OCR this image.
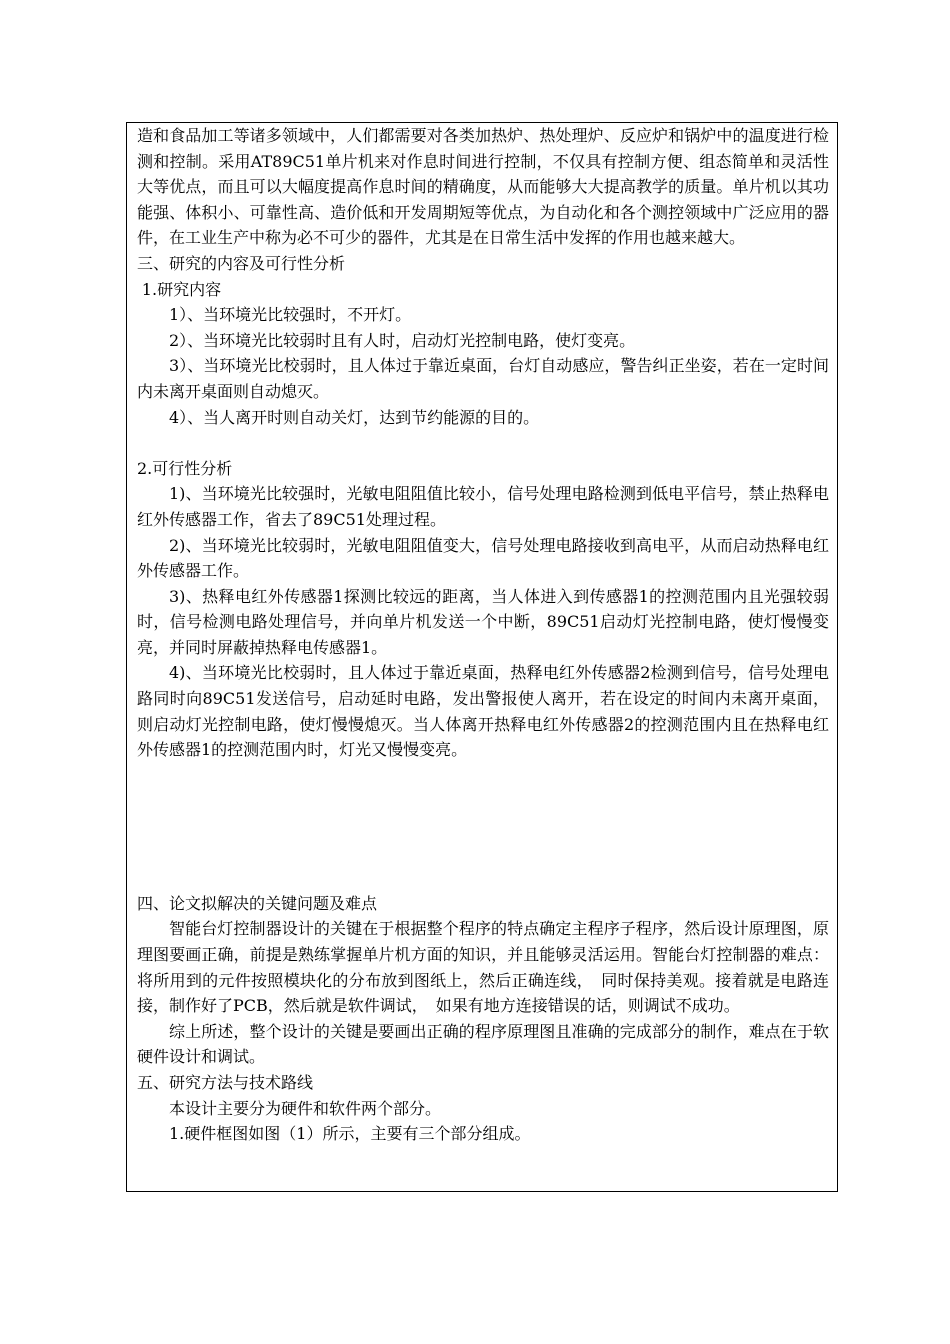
造和食品加工等诸多领域中，人们都需要对各类加热炉、热处理炉、反应炉和锅炉中的温度进行检测和控制。采用AT89C51单片机来对作息时间进行控制，不仅具有控制方便、组态简单和灵活性大等优点，而且可以大幅度提高作息时间的精确度，从而能够大大提高教学的质量。单片机以其功能强、体积小、可靠性高、造价低和开发周期短等优点，为自动化和各个测控领域中广泛应用的器件，在工业生产中称为必不可少的器件，尤其是在日常生活中发挥的作用也越来越大。

三、研究的内容及可行性分析

1.研究内容

1）、当环境光比较强时，不开灯。

2）、当环境光比较弱时且有人时，启动灯光控制电路，使灯变亮。

3）、当环境光比校弱时，且人体过于靠近桌面，台灯自动感应，警告纠正坐姿，若在一定时间内未离开桌面则自动熄灭。

4）、当人离开时则自动关灯，达到节约能源的目的。

2.可行性分析

1)、当环境光比较强时，光敏电阻阻值比较小，信号处理电路检测到低电平信号，禁止热释电红外传感器工作，省去了89C51处理过程。

2)、当环境光比较弱时，光敏电阻阻值变大，信号处理电路接收到高电平，从而启动热释电红外传感器工作。

3)、热释电红外传感器1探测比较远的距离，当人体进入到传感器1的控测范围内且光强较弱时，信号检测电路处理信号，并向单片机发送一个中断，89C51启动灯光控制电路，使灯慢慢变亮，并同时屏蔽掉热释电传感器1。

4)、当环境光比校弱时，且人体过于靠近桌面，热释电红外传感器2检测到信号，信号处理电路同时向89C51发送信号，启动延时电路，发出警报使人离开，若在设定的时间内未离开桌面，则启动灯光控制电路，使灯慢慢熄灭。当人体离开热释电红外传感器2的控测范围内且在热释电红外传感器1的控测范围内时，灯光又慢慢变亮。

四、论文拟解决的关键问题及难点

智能台灯控制器设计的关键在于根据整个程序的特点确定主程序子程序，然后设计原理图，原理图要画正确，前提是熟练掌握单片机方面的知识，并且能够灵活运用。智能台灯控制器的难点：将所用到的元件按照模块化的分布放到图纸上，然后正确连线，　同时保持美观。接着就是电路连接，制作好了PCB，然后就是软件调试，　如果有地方连接错误的话，则调试不成功。

综上所述，整个设计的关键是要画出正确的程序原理图且准确的完成部分的制作，难点在于软硬件设计和调试。

五、研究方法与技术路线

本设计主要分为硬件和软件两个部分。

1.硬件框图如图（1）所示，主要有三个部分组成。
